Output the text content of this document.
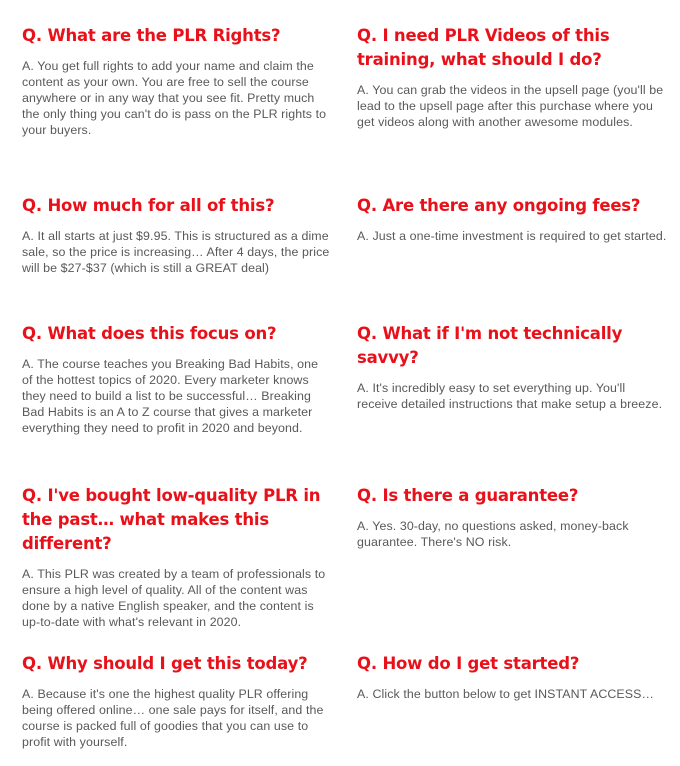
Q. What are the PLR Rights?

A. You get full rights to add your name and claim the content as your own. You are free to sell the course anywhere or in any way that you see fit. Pretty much the only thing you can't do is pass on the PLR rights to your buyers.

Q. I need PLR Videos of this training, what should I do?

A. You can grab the videos in the upsell page (you'll be lead to the upsell page after this purchase where you get videos along with another awesome modules.

Q. How much for all of this?

A. It all starts at just $9.95. This is structured as a dime sale, so the price is increasing… After 4 days, the price will be $27-$37 (which is still a GREAT deal)

Q. Are there any ongoing fees?

A. Just a one-time investment is required to get started.

Q. What does this focus on?

A. The course teaches you Breaking Bad Habits, one of the hottest topics of 2020. Every marketer knows they need to build a list to be successful… Breaking Bad Habits is an A to Z course that gives a marketer everything they need to profit in 2020 and beyond.

Q. What if I'm not technically savvy?

A. It's incredibly easy to set everything up. You'll receive detailed instructions that make setup a breeze.

Q. I've bought low-quality PLR in the past… what makes this different?

A. This PLR was created by a team of professionals to ensure a high level of quality. All of the content was done by a native English speaker, and the content is up-to-date with what's relevant in 2020.

Q. Is there a guarantee?

A. Yes. 30-day, no questions asked, money-back guarantee. There's NO risk.

Q. Why should I get this today?

A. Because it's one the highest quality PLR offering being offered online… one sale pays for itself, and the course is packed full of goodies that you can use to profit with yourself.

Q. How do I get started?

A. Click the button below to get INSTANT ACCESS…
